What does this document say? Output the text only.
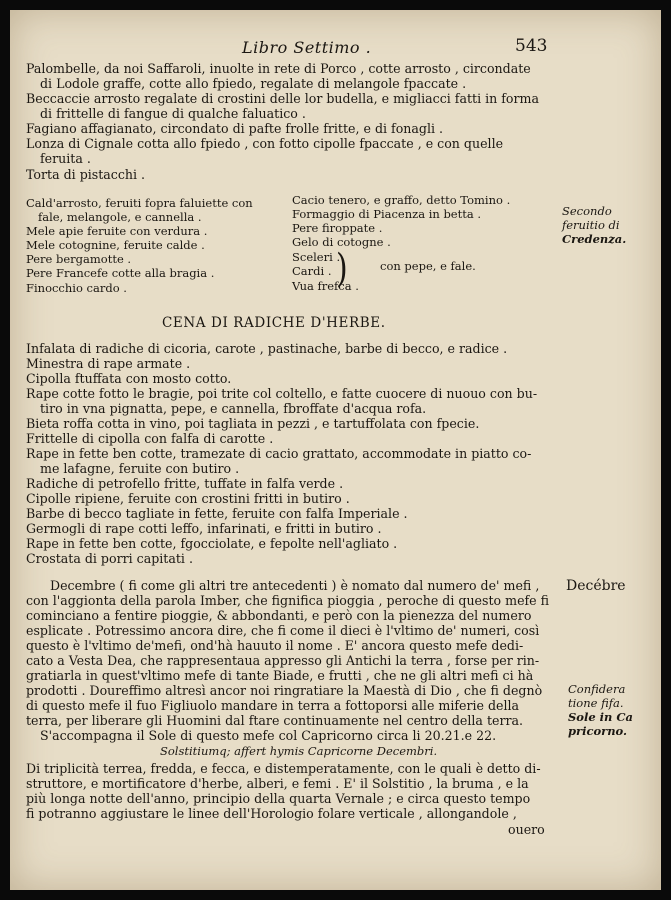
Libro Settimo .	543
Palombelle, da noi Saffaroli, inuolte in rete di Porco , cotte arrosto , circondate
di Lodole graffe, cotte allo fpiedo, regalate di melangole fpaccate .
Beccaccie arrosto regalate di crostini delle lor budella, e migliacci fatti in forma
di frittelle di fangue di qualche faluatico .
Fagiano affagianato, circondato di pafte frolle fritte, e di fonagli .
Lonza di Cignale cotta allo fpiedo , con fotto cipolle fpaccate , e con quelle
feruita .
Torta di pistacchi .
Cald'arrosto, feruiti fopra faluiette con
fale, melangole, e cannella .
Mele apie feruite con verdura .
Mele cotognine, feruite calde .
Pere bergamotte .
Pere Francefe cotte alla bragia .
Finocchio cardo .
Cacio tenero, e graffo, detto Tomino .
Formaggio di Piacenza in betta .
Pere firoppate .
Gelo di cotogne .
Sceleri .
Cardi .
Vua frefca .
)	con pepe, e fale.
Secondo
feruitio di
Credenza.
CENA DI RADICHE D'HERBE.
Infalata di radiche di cicoria, carote , pastinache, barbe di becco, e radice .
Minestra di rape armate .
Cipolla ftuffata con mosto cotto.
Rape cotte fotto le bragie, poi trite col coltello, e fatte cuocere di nuouo con bu-
tiro in vna pignatta, pepe, e cannella, fbroffate d'acqua rofa.
Bieta roffa cotta in vino, poi tagliata in pezzi , e tartuffolata con fpecie.
Frittelle di cipolla con falfa di carotte .
Rape in fette ben cotte, tramezate di cacio grattato, accommodate in piatto co-
me lafagne, feruite con butiro .
Radiche di petrofello fritte, tuffate in falfa verde .
Cipolle ripiene, feruite con crostini fritti in butiro .
Barbe di becco tagliate in fette, feruite con falfa Imperiale .
Germogli di rape cotti leffo, infarinati, e fritti in butiro .
Rape in fette ben cotte, fgocciolate, e fepolte nell'agliato .
Crostata di porri capitati .
Decembre ( fi come gli altri tre antecedenti ) è nomato dal numero de' mefi ,
con l'aggionta della parola Imber, che fignifica pioggia , peroche di questo mefe fi
cominciano a fentire pioggie, & abbondanti, e però con la pienezza del numero
esplicate . Potressimo ancora dire, che fi come il dieci è l'vltimo de' numeri, così
questo è l'vltimo de'mefi, ond'hà hauuto il nome . E' ancora questo mefe dedi-
cato a Vesta Dea, che rappresentaua appresso gli Antichi la terra , forse per rin-
gratiarla in quest'vltimo mefe di tante Biade, e frutti , che ne gli altri mefi ci hà
prodotti . Doureffimo altresì ancor noi ringratiare la Maestà di Dio , che fi degnò
di questo mefe il fuo Figliuolo mandare in terra a fottoporsi alle miferie della
terra, per liberare gli Huomini dal ftare continuamente nel centro della terra.
S'accompagna il Sole di questo mefe col Capricorno circa li 20.21.e 22.
Solstitiumq; affert hymis Capricorne Decembri.
Decébre
Confidera
tione fifa.
Sole in Ca
pricorno.
Di triplicità terrea, fredda, e fecca, e distemperatamente, con le quali è detto di-
struttore, e mortificatore d'herbe, alberi, e femi . E' il Solstitio , la bruma , e la
più longa notte dell'anno, principio della quarta Vernale ; e circa questo tempo
fi potranno aggiustare le linee dell'Horologio folare verticale , allongandole ,
ouero
